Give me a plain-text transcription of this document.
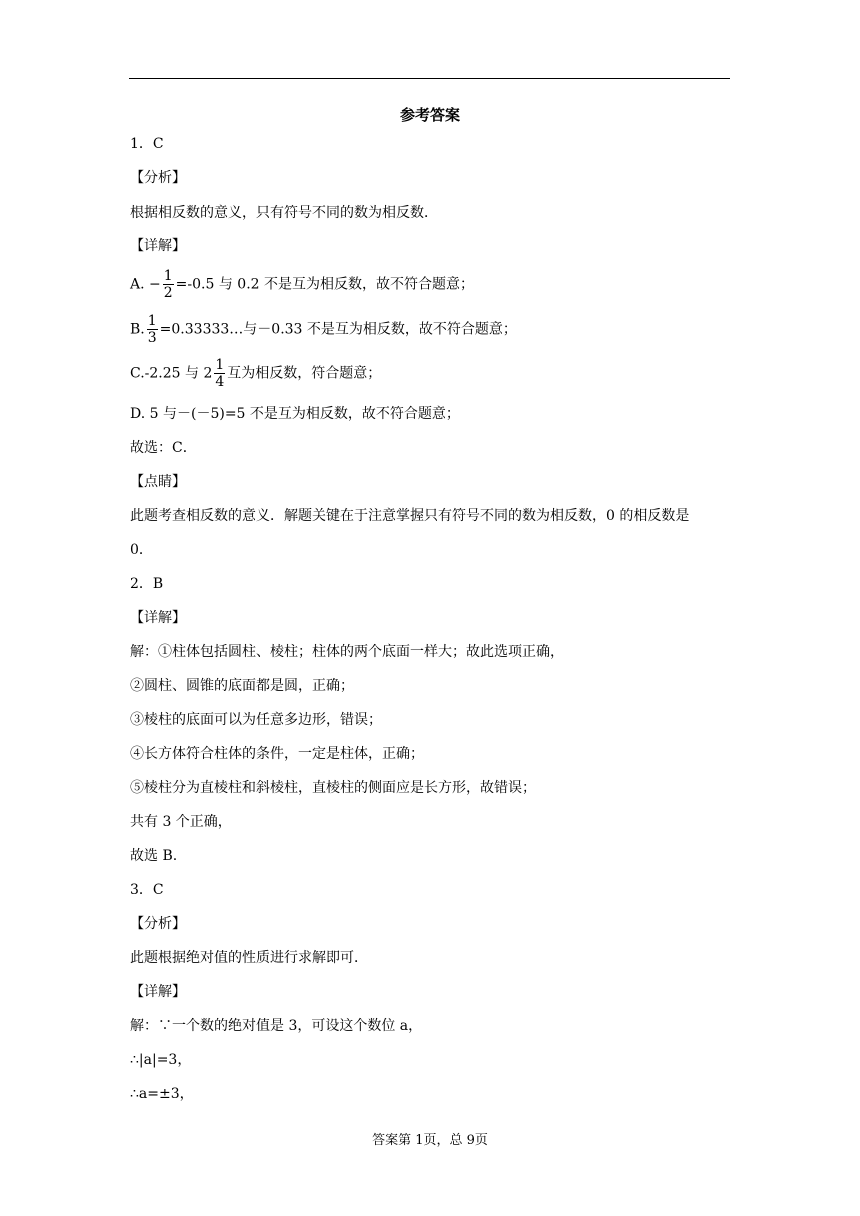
参考答案
1．C
【分析】
根据相反数的意义，只有符号不同的数为相反数．
【详解】
A. − $\frac{1}{2} =-0.5$ 与 0.2 不是互为相反数，故不符合题意；
B. $\frac{1}{3}$ =0.33333…与－0.33 不是互为相反数，故不符合题意；
C.-2.25 与 $2 \frac{1}{4}$ 互为相反数，符合题意；
D. 5 与－(－5)=5 不是互为相反数，故不符合题意；
故选：C．
【点睛】
此题考查相反数的意义．解题关键在于注意掌握只有符号不同的数为相反数，0 的相反数是
0．
2．B
【详解】
解：①柱体包括圆柱、棱柱；柱体的两个底面一样大；故此选项正确，
②圆柱、圆锥的底面都是圆，正确；
③棱柱的底面可以为任意多边形，错误；
④长方体符合柱体的条件，一定是柱体，正确；
⑤棱柱分为直棱柱和斜棱柱，直棱柱的侧面应是长方形，故错误；
共有 3 个正确，
故选 B.
3．C
【分析】
此题根据绝对值的性质进行求解即可．
【详解】
解：∵一个数的绝对值是 3，可设这个数位 a，
∴|a|=3，
∴a=±3，
答案第 1页，总 9页
